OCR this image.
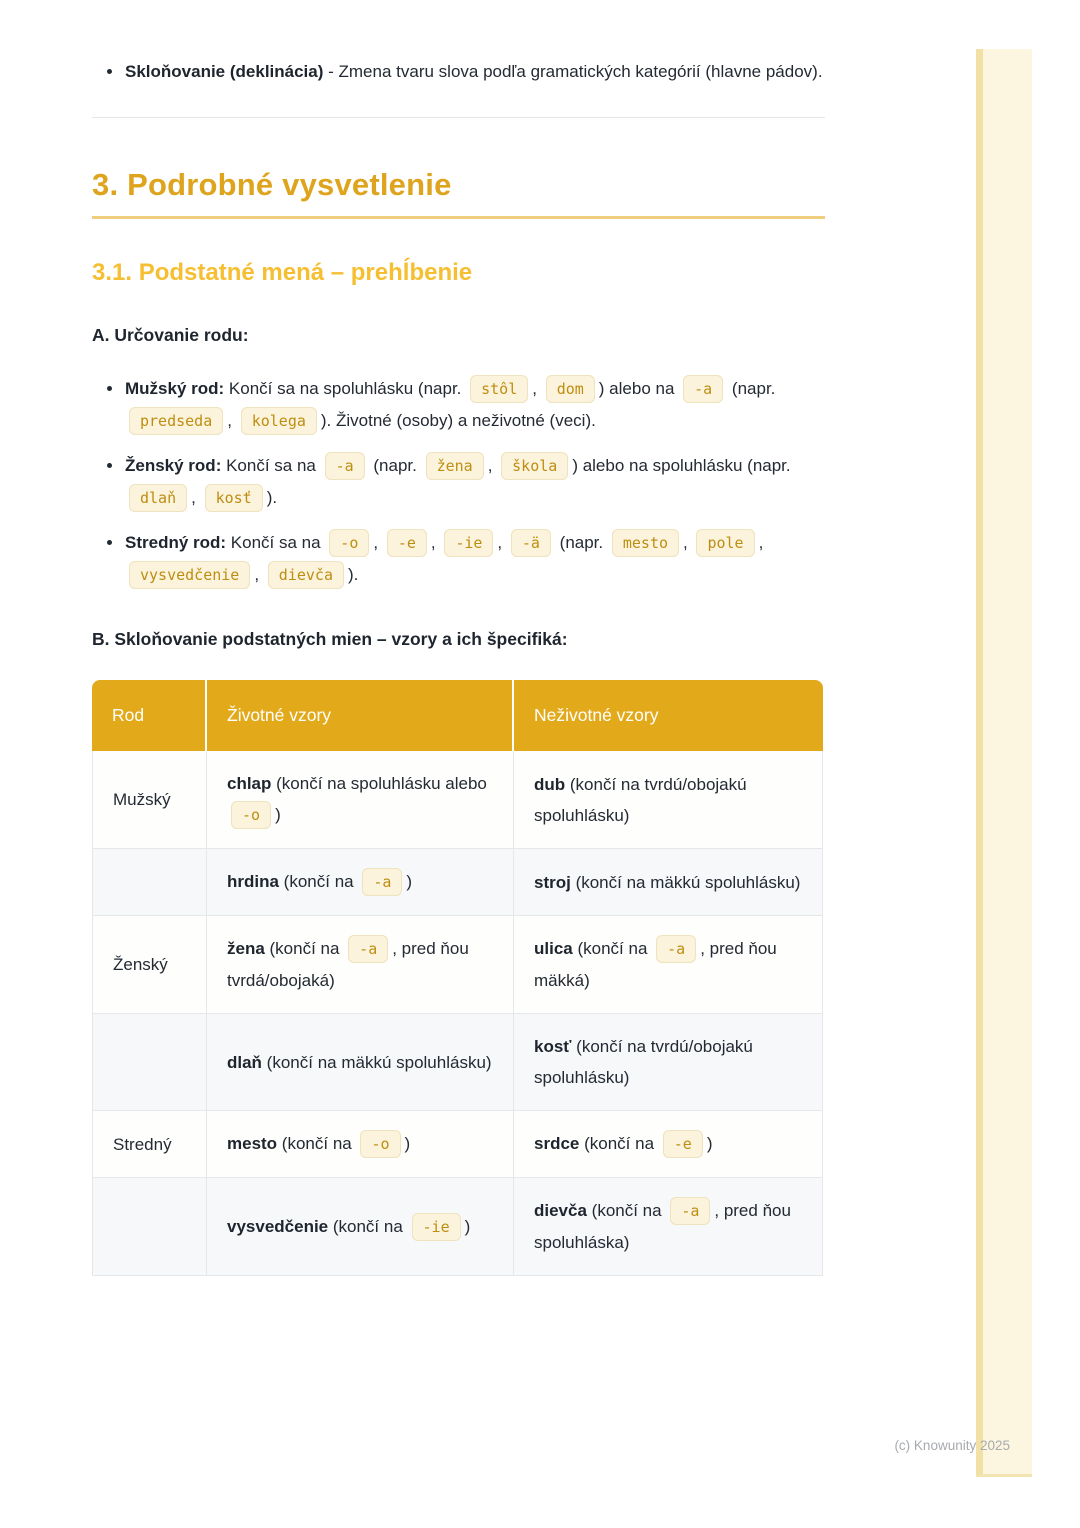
• Skloňovanie (deklinácia) - Zmena tvaru slova podľa gramatických kategórií (hlavne pádov).
3. Podrobné vysvetlenie
3.1. Podstatné mená – prehĺbenie

A. Určovanie rodu:

• Mužský rod: Končí sa na spoluhlásku (napr. stôl , dom ) alebo na -a (napr. predseda , kolega ). Životné (osoby) a neživotné (veci).
• Ženský rod: Končí sa na -a (napr. žena , škola ) alebo na spoluhlásku (napr. dlaň , kosť ).
• Stredný rod: Končí sa na -o , -e , -ie , -ä (napr. mesto , pole , vysvedčenie , dievča ).

B. Skloňovanie podstatných mien – vzory a ich špecifiká:

Rod	Životné vzory	Neživotné vzory
Mužský	chlap (končí na spoluhlásku alebo -o )	dub (končí na tvrdú/obojakú spoluhlásku)
	hrdina (končí na -a )	stroj (končí na mäkkú spoluhlásku)
Ženský	žena (končí na -a , pred ňou tvrdá/obojaká)	ulica (končí na -a , pred ňou mäkká)
	dlaň (končí na mäkkú spoluhlásku)	kosť (končí na tvrdú/obojakú spoluhlásku)
Stredný	mesto (končí na -o )	srdce (končí na -e )
	vysvedčenie (končí na -ie )	dievča (končí na -a , pred ňou spoluhláska)
(c) Knowunity 2025
